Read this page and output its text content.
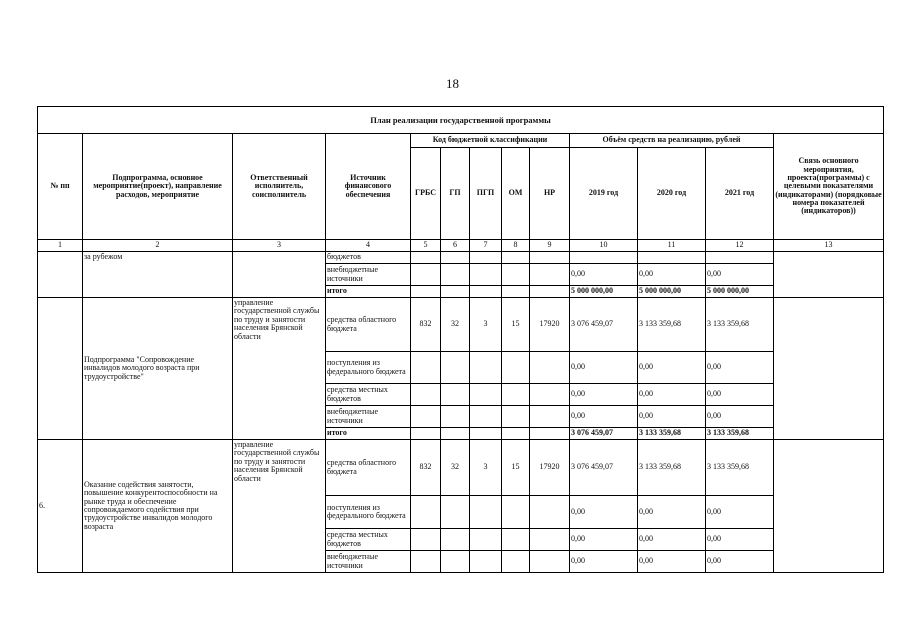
18
План реализации государственной программы												
№ пп	Подпрограмма, основное мероприятие(проект), направление расходов, мероприятие	Ответственный исполнитель, соисполнитель	Источник финансового обеспечения	Код бюджетной классификации					Объём средств на реализацию, рублей			Связь основного мероприятия, проекта(программы) с целевыми показателями (индикаторами) (порядковые номера показателей (индикаторов))
				ГРБС	ГП	ПГП	ОМ	НР	2019 год	2020 год	2021 год	
1	2	3	4	5	6	7	8	9	10	11	12	13
	за рубежом		бюджетов									
			внебюджетные источники						0,00	0,00	0,00	
			итого						5 000 000,00	5 000 000,00	5 000 000,00	
	Подпрограмма "Сопровождение инвалидов молодого возраста при трудоустройстве"	управление государственной службы по труду и занятости населения Брянской области	средства областного бюджета	832	32	3	15	17920	3 076 459,07	3 133 359,68	3 133 359,68	
			поступления из федерального бюджета						0,00	0,00	0,00	
			средства местных бюджетов						0,00	0,00	0,00	
			внебюджетные источники						0,00	0,00	0,00	
			итого						3 076 459,07	3 133 359,68	3 133 359,68	
6.	Оказание содействия занятости, повышение конкурентоспособности на рынке труда и обеспечение сопровождаемого содействия при трудоустройстве инвалидов молодого возраста	управление государственной службы по труду и занятости населения Брянской области	средства областного бюджета	832	32	3	15	17920	3 076 459,07	3 133 359,68	3 133 359,68	
			поступления из федерального бюджета						0,00	0,00	0,00	
			средства местных бюджетов						0,00	0,00	0,00	
			внебюджетные источники						0,00	0,00	0,00	
